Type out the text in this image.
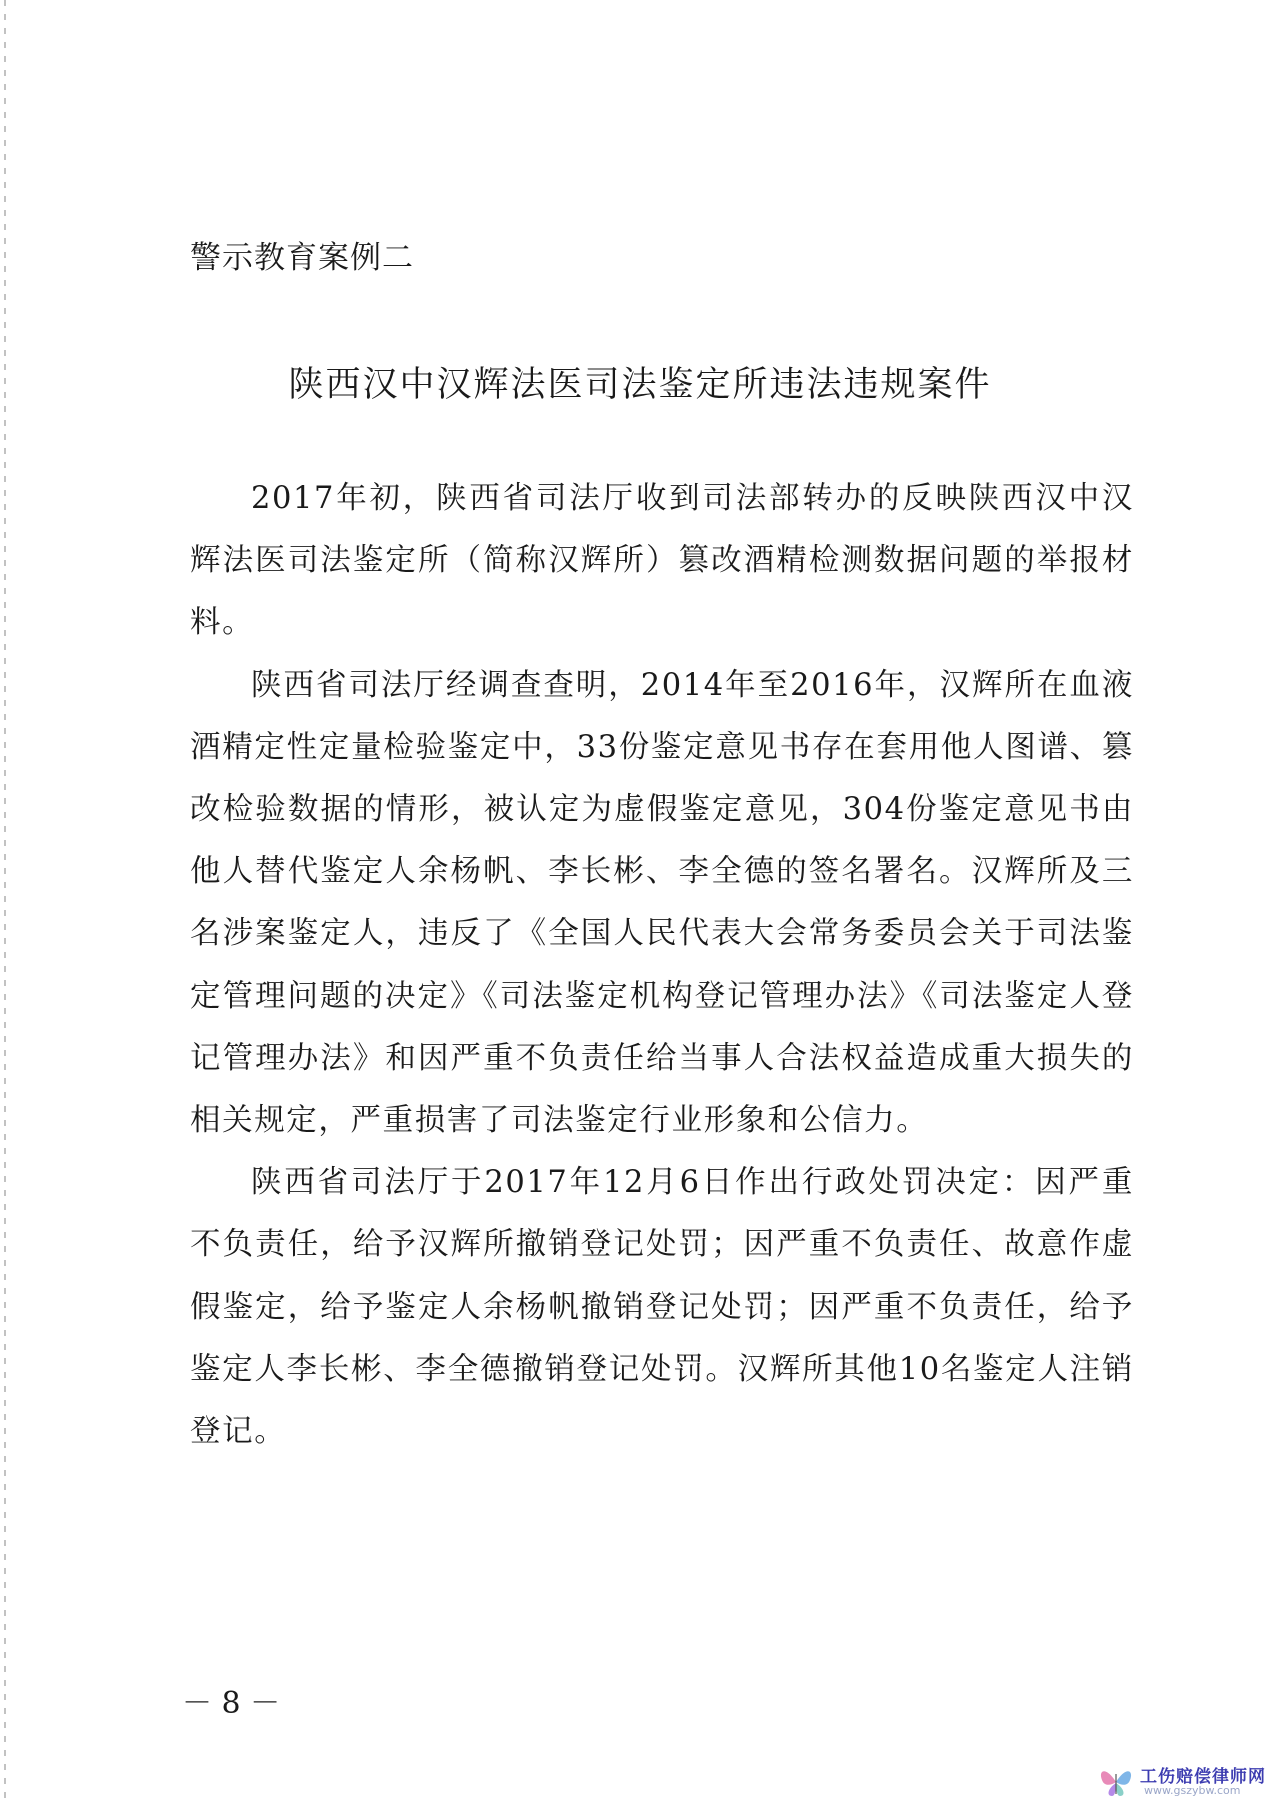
警示教育案例二
陕西汉中汉辉法医司法鉴定所违法违规案件

2017年初，陕西省司法厅收到司法部转办的反映陕西汉中汉辉法医司法鉴定所（简称汉辉所）篡改酒精检测数据问题的举报材料。

陕西省司法厅经调查查明，2014年至2016年，汉辉所在血液酒精定性定量检验鉴定中，33份鉴定意见书存在套用他人图谱、篡改检验数据的情形，被认定为虚假鉴定意见，304份鉴定意见书由他人替代鉴定人余杨帆、李长彬、李全德的签名署名。汉辉所及三名涉案鉴定人，违反了《全国人民代表大会常务委员会关于司法鉴定管理问题的决定》《司法鉴定机构登记管理办法》《司法鉴定人登记管理办法》和因严重不负责任给当事人合法权益造成重大损失的相关规定，严重损害了司法鉴定行业形象和公信力。

陕西省司法厅于2017年12月6日作出行政处罚决定：因严重不负责任，给予汉辉所撤销登记处罚；因严重不负责任、故意作虚假鉴定，给予鉴定人余杨帆撤销登记处罚；因严重不负责任，给予鉴定人李长彬、李全德撤销登记处罚。汉辉所其他10名鉴定人注销登记。

－ 8 －
工伤赔偿律师网
www.gszybw.com
